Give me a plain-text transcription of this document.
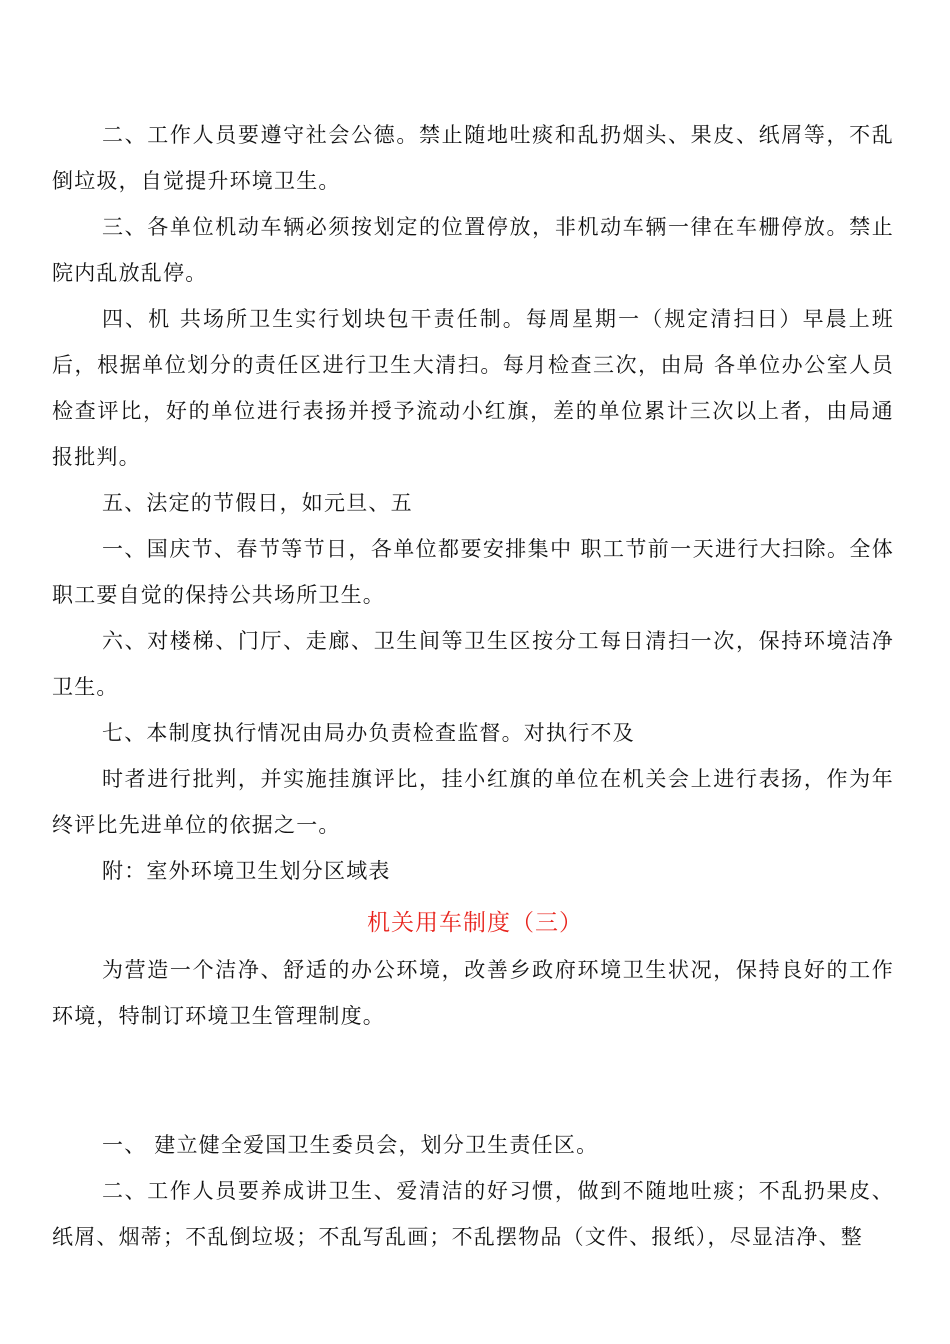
二、工作人员要遵守社会公德。禁止随地吐痰和乱扔烟头、果皮、纸屑等，不乱倒垃圾，自觉提升环境卫生。

三、各单位机动车辆必须按划定的位置停放，非机动车辆一律在车栅停放。禁止院内乱放乱停。

四、机 共场所卫生实行划块包干责任制。每周星期一（规定清扫日）早晨上班后，根据单位划分的责任区进行卫生大清扫。每月检查三次，由局 各单位办公室人员检查评比，好的单位进行表扬并授予流动小红旗，差的单位累计三次以上者，由局通报批判。

五、法定的节假日，如元旦、五

一、国庆节、春节等节日，各单位都要安排集中 职工节前一天进行大扫除。全体职工要自觉的保持公共场所卫生。

六、对楼梯、门厅、走廊、卫生间等卫生区按分工每日清扫一次，保持环境洁净卫生。

七、本制度执行情况由局办负责检查监督。对执行不及

时者进行批判，并实施挂旗评比，挂小红旗的单位在机关会上进行表扬，作为年终评比先进单位的依据之一。

附：室外环境卫生划分区域表

机关用车制度（三）

为营造一个洁净、舒适的办公环境，改善乡政府环境卫生状况，保持良好的工作环境，特制订环境卫生管理制度。

一、 建立健全爱国卫生委员会，划分卫生责任区。

二、工作人员要养成讲卫生、爱清洁的好习惯，做到不随地吐痰；不乱扔果皮、纸屑、烟蒂；不乱倒垃圾；不乱写乱画；不乱摆物品（文件、报纸），尽显洁净、整
